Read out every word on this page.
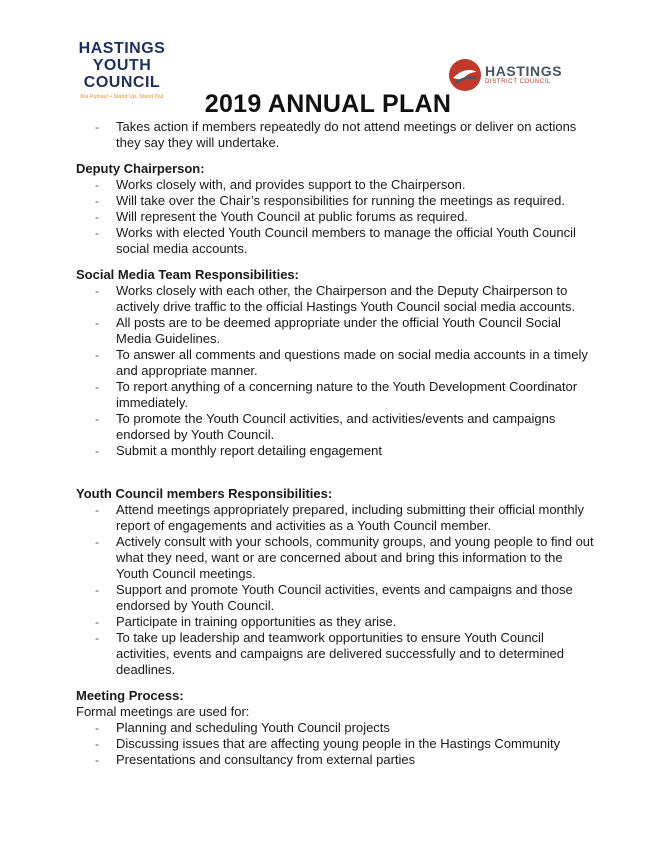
HASTINGS
YOUTH
COUNCIL
Kia Pumau! • Stand Up, Stand Out
HASTINGS
DISTRICT COUNCIL
2019 ANNUAL PLAN
- Takes action if members repeatedly do not attend meetings or deliver on actions they say they will undertake.

Deputy Chairperson:

- Works closely with, and provides support to the Chairperson.
- Will take over the Chair’s responsibilities for running the meetings as required.
- Will represent the Youth Council at public forums as required.
- Works with elected Youth Council members to manage the official Youth Council social media accounts.

Social Media Team Responsibilities:

- Works closely with each other, the Chairperson and the Deputy Chairperson to actively drive traffic to the official Hastings Youth Council social media accounts.
- All posts are to be deemed appropriate under the official Youth Council Social Media Guidelines.
- To answer all comments and questions made on social media accounts in a timely and appropriate manner.
- To report anything of a concerning nature to the Youth Development Coordinator immediately.
- To promote the Youth Council activities, and activities/events and campaigns endorsed by Youth Council.
- Submit a monthly report detailing engagement

Youth Council members Responsibilities:

- Attend meetings appropriately prepared, including submitting their official monthly report of engagements and activities as a Youth Council member.
- Actively consult with your schools, community groups, and young people to find out what they need, want or are concerned about and bring this information to the Youth Council meetings.
- Support and promote Youth Council activities, events and campaigns and those endorsed by Youth Council.
- Participate in training opportunities as they arise.
- To take up leadership and teamwork opportunities to ensure Youth Council activities, events and campaigns are delivered successfully and to determined deadlines.

Meeting Process:

Formal meetings are used for:

- Planning and scheduling Youth Council projects
- Discussing issues that are affecting young people in the Hastings Community
- Presentations and consultancy from external parties
